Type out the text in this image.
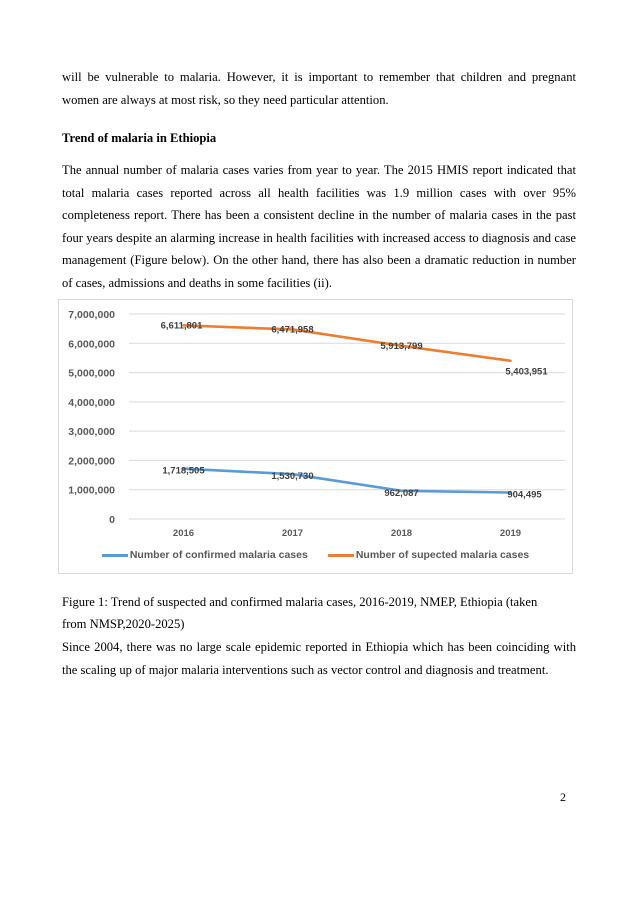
will be vulnerable to malaria. However, it is important to remember that children and pregnant women are always at most risk, so they need particular attention.

Trend of malaria in Ethiopia

The annual number of malaria cases varies from year to year. The 2015 HMIS report indicated that total malaria cases reported across all health facilities was 1.9 million cases with over 95% completeness report. There has been a consistent decline in the number of malaria cases in the past four years despite an alarming increase in health facilities with increased access to diagnosis and case management (Figure below). On the other hand, there has also been a dramatic reduction in number of cases, admissions and deaths in some facilities (ii).

0
1,000,000
2,000,000
3,000,000
4,000,000
5,000,000
6,000,000
7,000,000
2016	2017	2018	2019
1,718,505	1,530,730
962,087	904,495
6,611,801	6,471,958
5,913,799
5,403,951
Number of confirmed malaria cases	Number of supected malaria cases

Figure 1: Trend of suspected and confirmed malaria cases, 2016-2019, NMEP, Ethiopia (taken from NMSP,2020-2025)

Since 2004, there was no large scale epidemic reported in Ethiopia which has been coinciding with the scaling up of major malaria interventions such as vector control and diagnosis and treatment.

2
